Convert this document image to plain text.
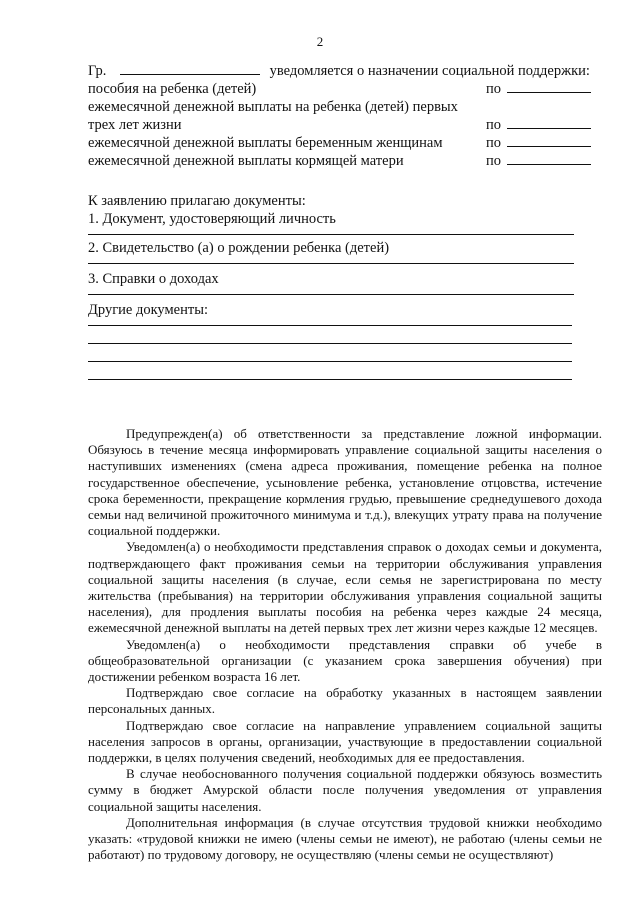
2
Гр.	уведомляется о назначении социальной поддержки:
пособия на ребенка (детей)	по
ежемесячной денежной выплаты на ребенка (детей) первых трех лет жизни	по
ежемесячной денежной выплаты беременным женщинам	по
ежемесячной денежной выплаты кормящей матери	по
К заявлению прилагаю документы:
1. Документ, удостоверяющий личность
2. Свидетельство (а) о рождении ребенка (детей)
3. Справки о доходах
Другие документы:

Предупрежден(а) об ответственности за представление ложной информации. Обязуюсь в течение месяца информировать управление социальной защиты населения о наступивших изменениях (смена адреса проживания, помещение ребенка на полное государственное обеспечение, усыновление ребенка, установление отцовства, истечение срока беременности, прекращение кормления грудью, превышение среднедушевого дохода семьи над величиной прожиточного минимума и т.д.), влекущих утрату права на получение социальной поддержки.

Уведомлен(а) о необходимости представления справок о доходах семьи и документа, подтверждающего факт проживания семьи на территории обслуживания управления социальной защиты населения (в случае, если семья не зарегистрирована по месту жительства (пребывания) на территории обслуживания управления социальной защиты населения), для продления выплаты пособия на ребенка через каждые 24 месяца, ежемесячной денежной выплаты на детей первых трех лет жизни через каждые 12 месяцев.

Уведомлен(а) о необходимости представления справки об учебе в общеобразовательной организации (с указанием срока завершения обучения) при достижении ребенком возраста 16 лет.

Подтверждаю свое согласие на обработку указанных в настоящем заявлении персональных данных.

Подтверждаю свое согласие на направление управлением социальной защиты населения запросов в органы, организации, участвующие в предоставлении социальной поддержки, в целях получения сведений, необходимых для ее предоставления.

В случае необоснованного получения социальной поддержки обязуюсь возместить сумму в бюджет Амурской области после получения уведомления от управления социальной защиты населения.

Дополнительная информация (в случае отсутствия трудовой книжки необходимо указать: «трудовой книжки не имею (члены семьи не имеют), не работаю (члены семьи не работают) по трудовому договору, не осуществляю (члены семьи не осуществляют)
